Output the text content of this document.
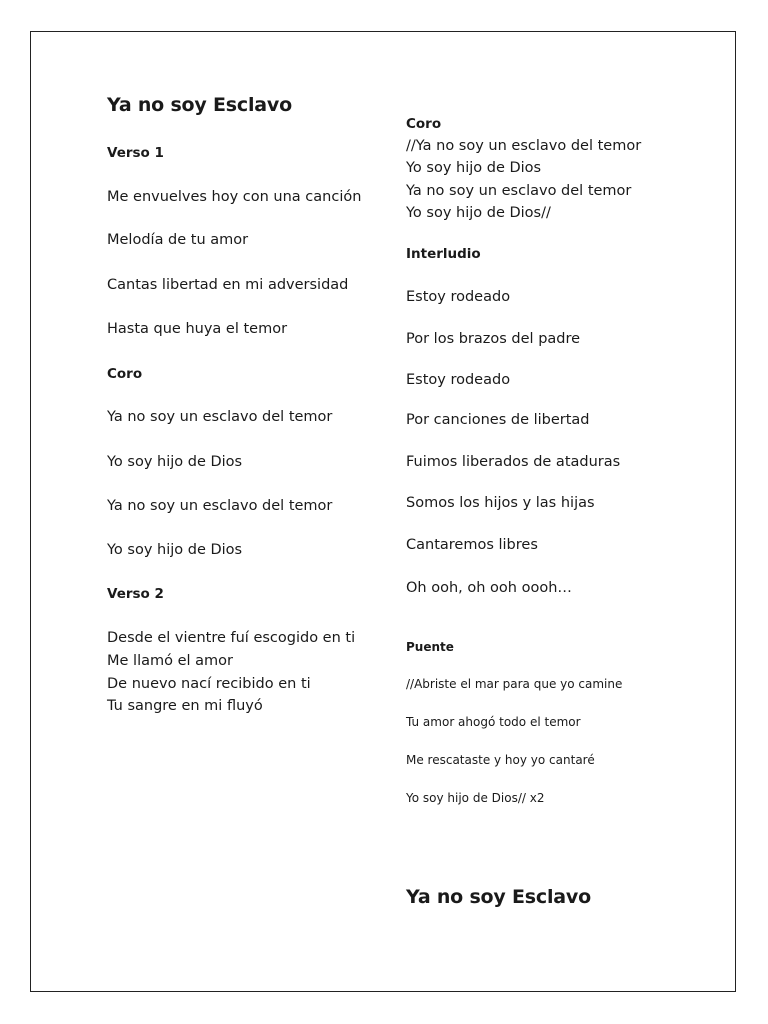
Ya no soy Esclavo
Verso 1
Me envuelves hoy con una canción
Melodía de tu amor
Cantas libertad en mi adversidad
Hasta que huya el temor
Coro
Ya no soy un esclavo del temor
Yo soy hijo de Dios
Ya no soy un esclavo del temor
Yo soy hijo de Dios
Verso 2
Desde el vientre fuí escogido en ti
Me llamó el amor
De nuevo nací recibido en ti
Tu sangre en mi fluyó
Coro
//Ya no soy un esclavo del temor
Yo soy hijo de Dios
Ya no soy un esclavo del temor
Yo soy hijo de Dios//
Interludio
Estoy rodeado
Por los brazos del padre
Estoy rodeado
Por canciones de libertad
Fuimos liberados de ataduras
Somos los hijos y las hijas
Cantaremos libres
Oh ooh, oh ooh oooh…
Puente
//Abriste el mar para que yo camine
Tu amor ahogó todo el temor
Me rescataste y hoy yo cantaré
Yo soy hijo de Dios// x2
Ya no soy Esclavo
